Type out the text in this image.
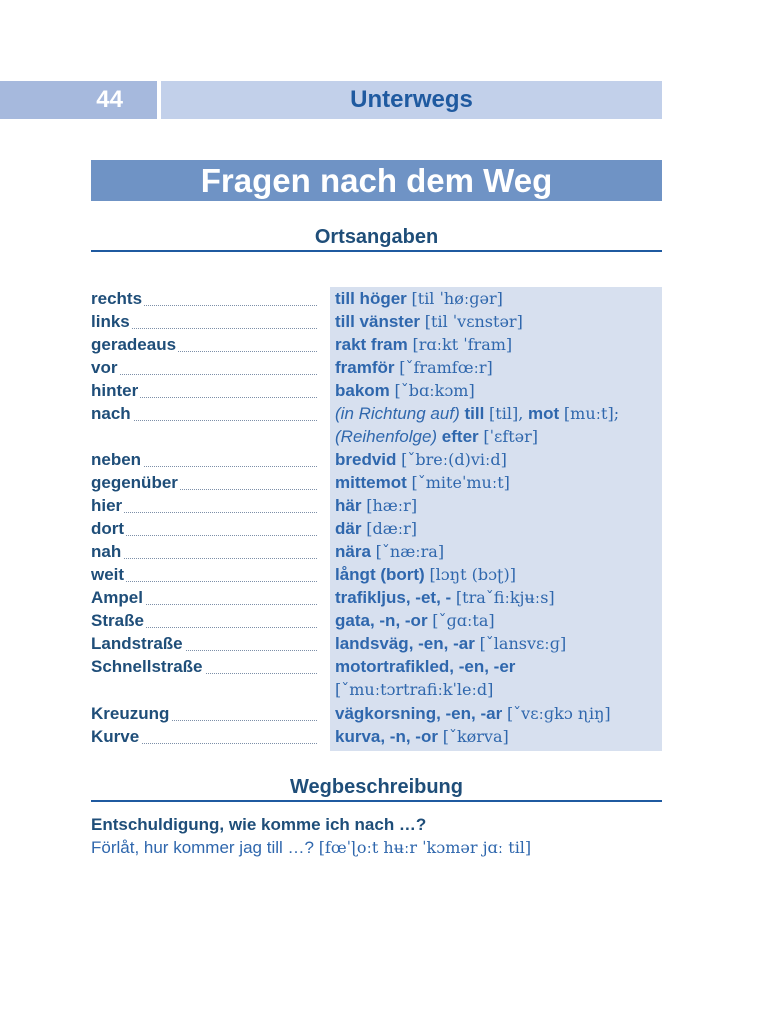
44	Unterwegs
Fragen nach dem Weg
Ortsangaben
rechts	till höger [til ˈhøːɡər]
links	till vänster [til ˈvɛnstər]
geradeaus	rakt fram [rɑːkt ˈfram]
vor	framför [ˇframfœːr]
hinter	bakom [ˇbɑːkɔm]
nach	(in Richtung auf) till [til], mot [muːt];
(Reihenfolge) efter [ˈɛftər]
neben	bredvid [ˇbreː(d)viːd]
gegenüber	mittemot [ˇmiteˈmuːt]
hier	här [hæːr]
dort	där [dæːr]
nah	nära [ˇnæːra]
weit	långt (bort) [lɔŋt (bɔʈ)]
Ampel	trafikljus, -et, - [traˇfiːkjʉːs]
Straße	gata, -n, -or [ˇɡɑːta]
Landstraße	landsväg, -en, -ar [ˇlansvɛːɡ]
Schnellstraße	motortrafikled, -en, -er
[ˇmuːtɔrtrafiːkˈleːd]
Kreuzung	vägkorsning, -en, -ar [ˇvɛːɡkɔ ɳiŋ]
Kurve	kurva, -n, -or [ˇkørva]
Wegbeschreibung
Entschuldigung, wie komme ich nach …?
Förlåt, hur kommer jag till …? [fœˈɭoːt hʉːr ˈkɔmər jɑː til]
